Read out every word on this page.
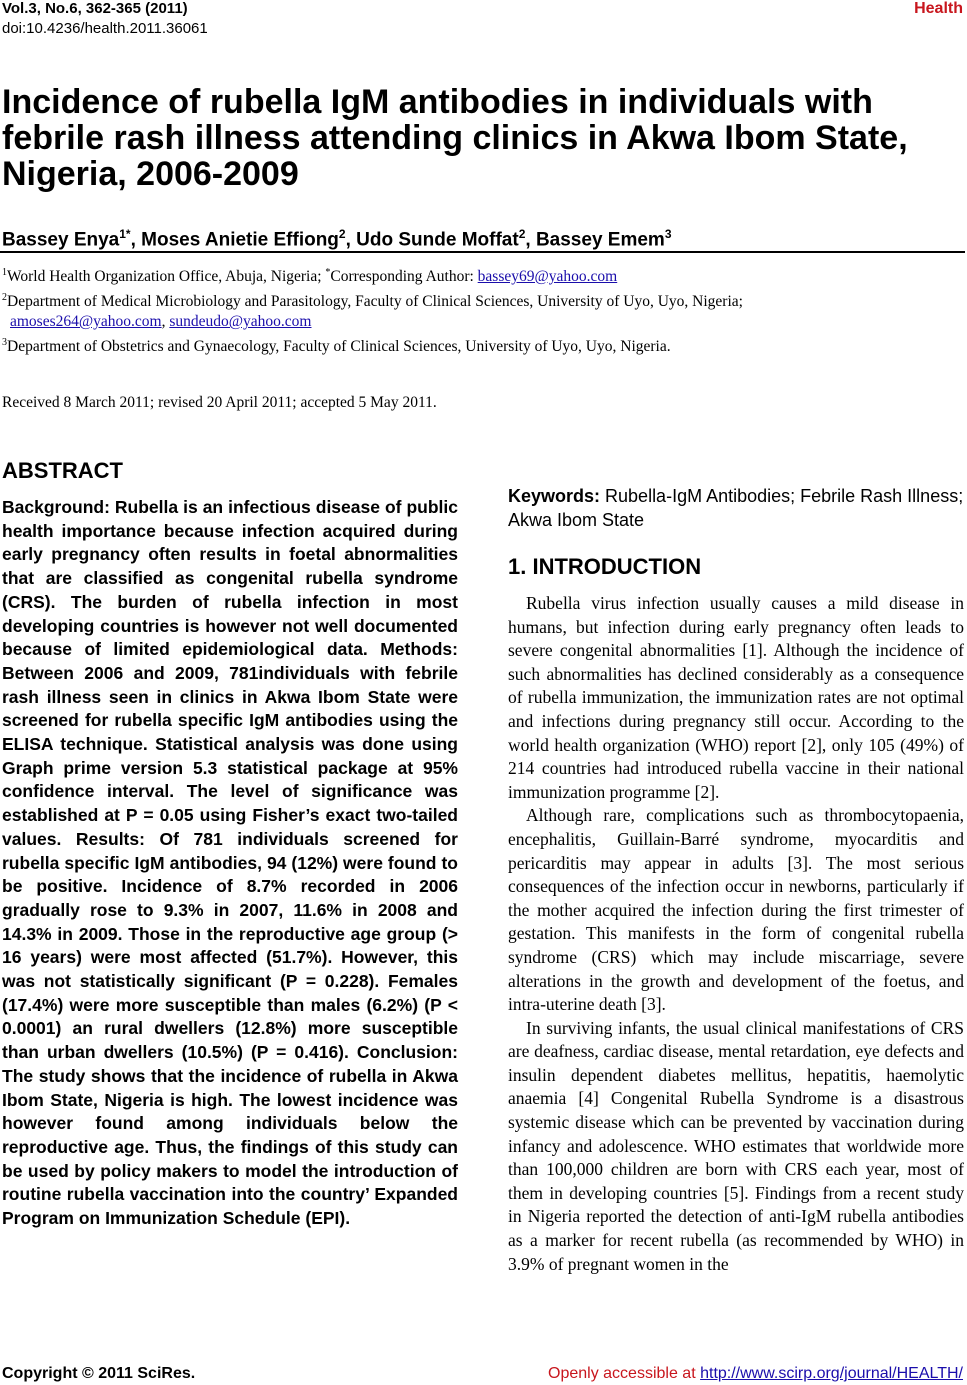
Vol.3, No.6, 362-365 (2011)
doi:10.4236/health.2011.36061
Health
Incidence of rubella IgM antibodies in individuals with febrile rash illness attending clinics in Akwa Ibom State, Nigeria, 2006-2009
Bassey Enya$^{1*}$, Moses Anietie Effiong$^2$, Udo Sunde Moffat$^2$, Bassey Emem$^3$
$^1$World Health Organization Office, Abuja, Nigeria; *Corresponding Author: bassey69@yahoo.com
$^2$Department of Medical Microbiology and Parasitology, Faculty of Clinical Sciences, University of Uyo, Uyo, Nigeria;
amoses264@yahoo.com, sundeudo@yahoo.com
$^3$Department of Obstetrics and Gynaecology, Faculty of Clinical Sciences, University of Uyo, Uyo, Nigeria.
Received 8 March 2011; revised 20 April 2011; accepted 5 May 2011.
ABSTRACT

Background: Rubella is an infectious disease of public health importance because infection acquired during early pregnancy often results in foetal abnormalities that are classified as congenital rubella syndrome (CRS). The burden of rubella infection in most developing countries is however not well documented because of limited epidemiological data. Methods: Between 2006 and 2009, 781individuals with febrile rash illness seen in clinics in Akwa Ibom State were screened for rubella specific IgM antibodies using the ELISA technique. Statistical analysis was done using Graph prime version 5.3 statistical package at 95% confidence interval. The level of significance was established at P = 0.05 using Fisher’s exact two-tailed values. Results: Of 781 individuals screened for rubella specific IgM antibodies, 94 (12%) were found to be positive. Incidence of 8.7% recorded in 2006 gradually rose to 9.3% in 2007, 11.6% in 2008 and 14.3% in 2009. Those in the reproductive age group (> 16 years) were most affected (51.7%). However, this was not statistically significant (P = 0.228). Females (17.4%) were more susceptible than males (6.2%) (P < 0.0001) an rural dwellers (12.8%) more susceptible than urban dwellers (10.5%) (P = 0.416). Conclusion: The study shows that the incidence of rubella in Akwa Ibom State, Nigeria is high. The lowest incidence was however found among individuals below the reproductive age. Thus, the findings of this study can be used by policy makers to model the introduction of routine rubella vaccination into the country’ Expanded Program on Immunization Schedule (EPI).

Keywords: Rubella-IgM Antibodies; Febrile Rash Illness; Akwa Ibom State

1. INTRODUCTION

Rubella virus infection usually causes a mild disease in humans, but infection during early pregnancy often leads to severe congenital abnormalities [1]. Although the incidence of such abnormalities has declined considerably as a consequence of rubella immunization, the immunization rates are not optimal and infections during pregnancy still occur. According to the world health organization (WHO) report [2], only 105 (49%) of 214 countries had introduced rubella vaccine in their national immunization programme [2].

Although rare, complications such as thrombocytopaenia, encephalitis, Guillain-Barré syndrome, myocarditis and pericarditis may appear in adults [3]. The most serious consequences of the infection occur in newborns, particularly if the mother acquired the infection during the first trimester of gestation. This manifests in the form of congenital rubella syndrome (CRS) which may include miscarriage, severe alterations in the growth and development of the foetus, and intra-uterine death [3].

In surviving infants, the usual clinical manifestations of CRS are deafness, cardiac disease, mental retardation, eye defects and insulin dependent diabetes mellitus, hepatitis, haemolytic anaemia [4] Congenital Rubella Syndrome is a disastrous systemic disease which can be prevented by vaccination during infancy and adolescence. WHO estimates that worldwide more than 100,000 children are born with CRS each year, most of them in developing countries [5]. Findings from a recent study in Nigeria reported the detection of anti-IgM rubella antibodies as a marker for recent rubella (as recommended by WHO) in 3.9% of pregnant women in the

Copyright © 2011 SciRes.	Openly accessible at http://www.scirp.org/journal/HEALTH/
